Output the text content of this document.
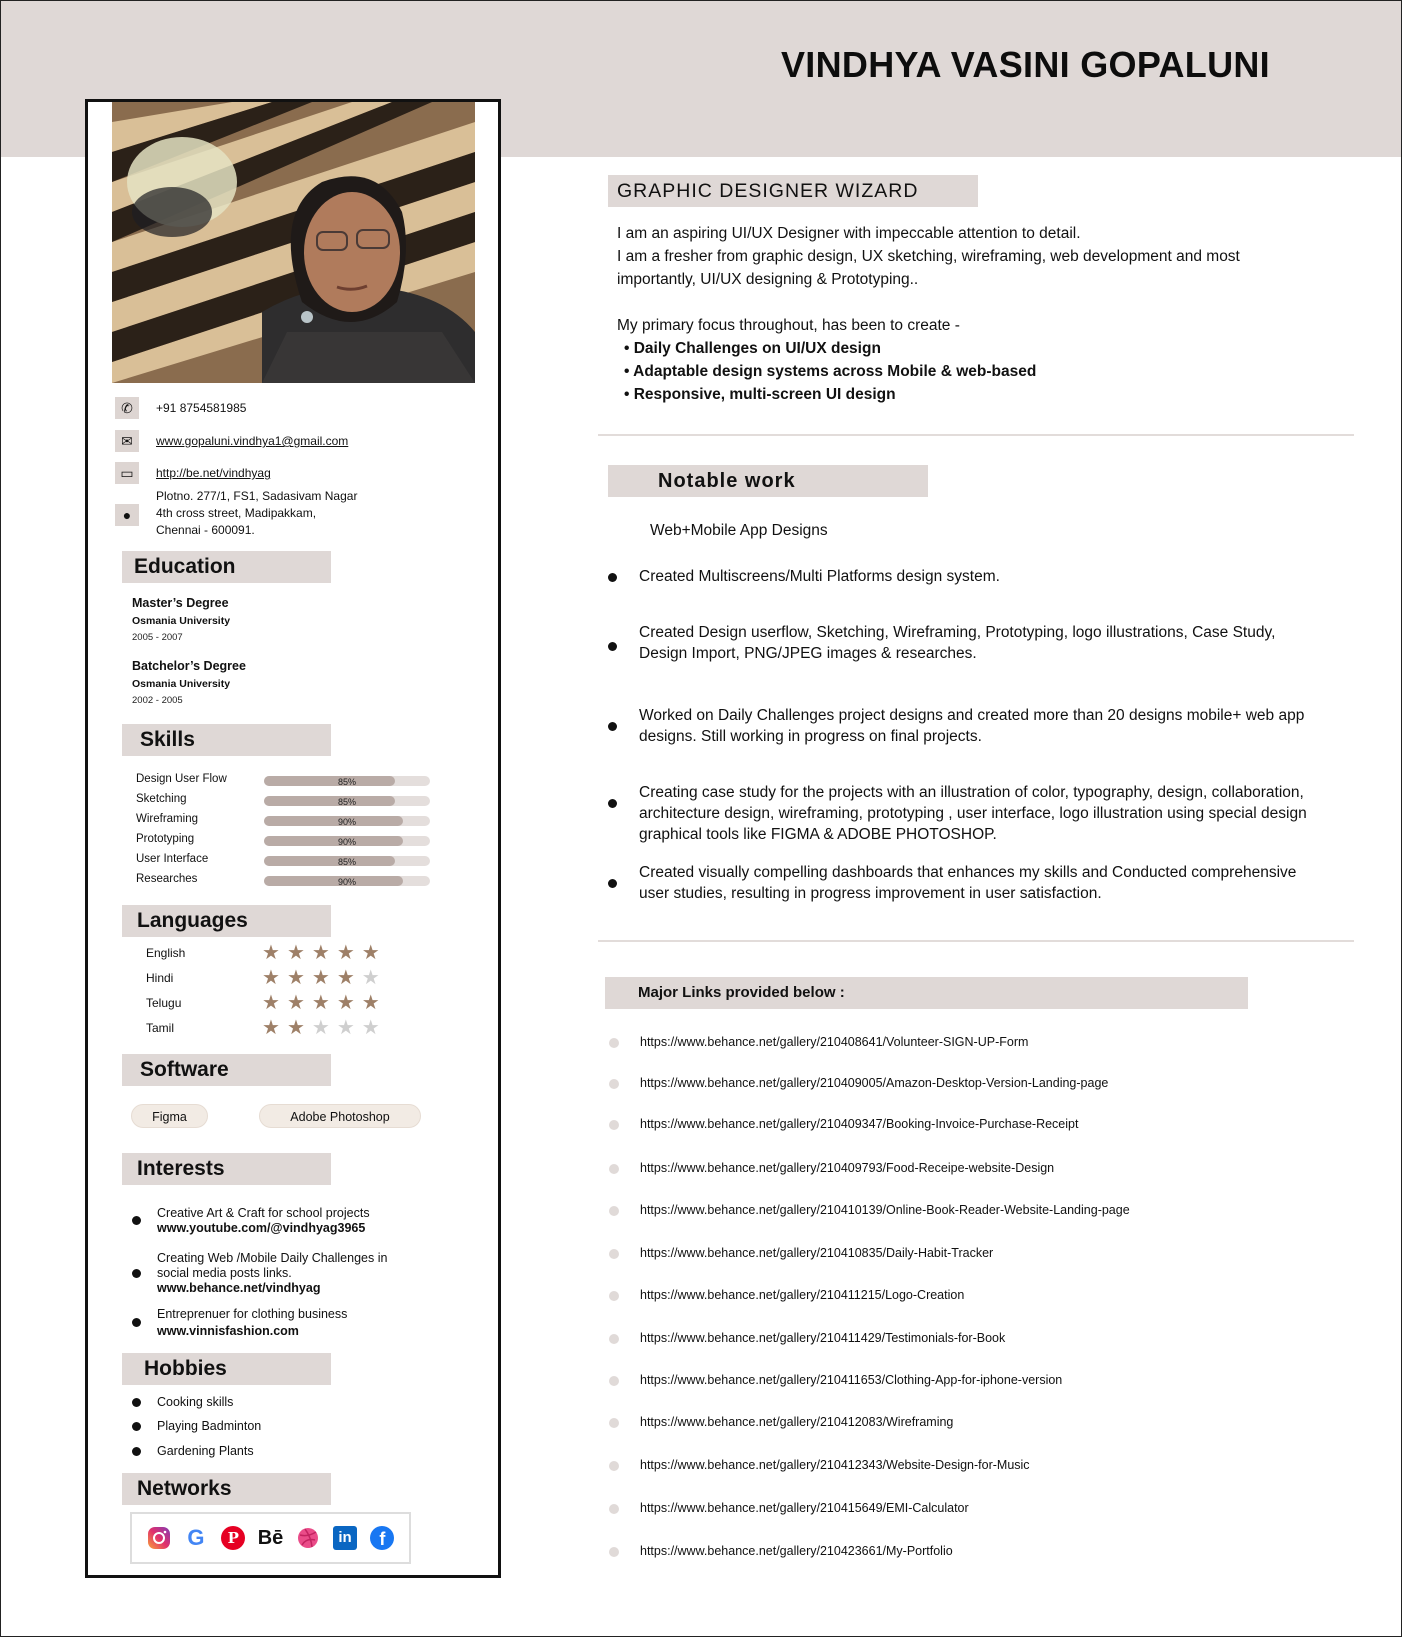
VINDHYA VASINI GOPALUNI
✆	+91 8754581985
✉	www.gopaluni.vindhya1@gmail.com
▭	http://be.net/vindhyag
●
Plotno. 277/1, FS1, Sadasivam Nagar
4th cross street, Madipakkam,
Chennai - 600091.
Education
Master’s Degree
Osmania University
2005 - 2007
Batchelor’s Degree
Osmania University
2002 - 2005
Skills
Design User Flow	85%
Sketching	85%
Wireframing	90%
Prototyping	90%
User Interface	85%
Researches	90%
Languages
English	★★★★★
Hindi	★★★★★
Telugu	★★★★★
Tamil	★★★★★
Software
Figma	Adobe Photoshop
Interests
Creative Art & Craft for school projects
www.youtube.com/@vindhyag3965
Creating Web /Mobile Daily Challenges in social media posts links.
www.behance.net/vindhyag
Entreprenuer for clothing business
www.vinnisfashion.com
Hobbies
Cooking skills
Playing Badminton
Gardening Plants
Networks
G	P Bē	in	f
GRAPHIC DESIGNER WIZARD
I am an aspiring UI/UX Designer with impeccable attention to detail.
I am a fresher from graphic design, UX sketching, wireframing, web development and most importantly, UI/UX designing & Prototyping..
My primary focus throughout, has been to create -
• Daily Challenges on UI/UX design
• Adaptable design systems across Mobile & web-based
• Responsive, multi-screen UI design
Notable work
Web+Mobile App Designs
Created Multiscreens/Multi Platforms design system.
Created Design userflow, Sketching, Wireframing, Prototyping, logo illustrations, Case Study, Design Import, PNG/JPEG images & researches.
Worked on Daily Challenges project designs and created more than 20 designs mobile+ web app designs. Still working in progress on final projects.
Creating case study for the projects with an illustration of color, typography, design, collaboration, architecture design, wireframing, prototyping , user interface, logo illustration using special design graphical tools like FIGMA & ADOBE PHOTOSHOP.
Created visually compelling dashboards that enhances my skills and Conducted comprehensive user studies, resulting in progress improvement in user satisfaction.
Major Links provided below :
https://www.behance.net/gallery/210408641/Volunteer-SIGN-UP-Form
https://www.behance.net/gallery/210409005/Amazon-Desktop-Version-Landing-page
https://www.behance.net/gallery/210409347/Booking-Invoice-Purchase-Receipt
https://www.behance.net/gallery/210409793/Food-Receipe-website-Design
https://www.behance.net/gallery/210410139/Online-Book-Reader-Website-Landing-page
https://www.behance.net/gallery/210410835/Daily-Habit-Tracker
https://www.behance.net/gallery/210411215/Logo-Creation
https://www.behance.net/gallery/210411429/Testimonials-for-Book
https://www.behance.net/gallery/210411653/Clothing-App-for-iphone-version
https://www.behance.net/gallery/210412083/Wireframing
https://www.behance.net/gallery/210412343/Website-Design-for-Music
https://www.behance.net/gallery/210415649/EMI-Calculator
https://www.behance.net/gallery/210423661/My-Portfolio
